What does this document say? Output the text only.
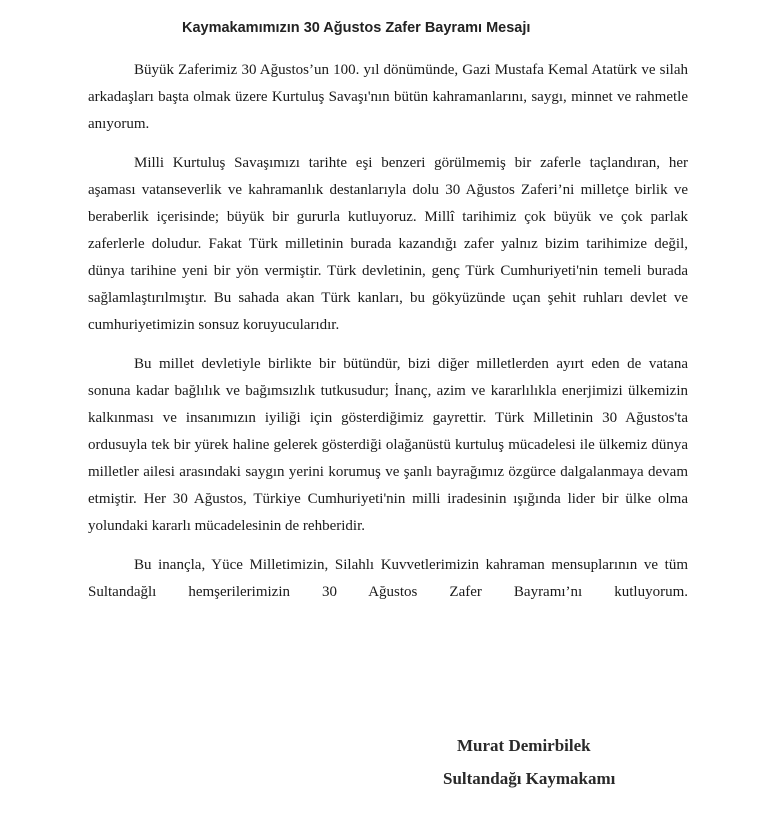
Kaymakamımızın 30 Ağustos Zafer Bayramı Mesajı

Büyük Zaferimiz 30 Ağustos’un 100. yıl dönümünde, Gazi Mustafa Kemal Atatürk ve silah arkadaşları başta olmak üzere Kurtuluş Savaşı'nın bütün kahramanlarını, saygı, minnet ve rahmetle anıyorum.

Milli Kurtuluş Savaşımızı tarihte eşi benzeri görülmemiş bir zaferle taçlandıran, her aşaması vatanseverlik ve kahramanlık destanlarıyla dolu 30 Ağustos Zaferi’ni milletçe birlik ve beraberlik içerisinde; büyük bir gururla kutluyoruz. Millî tarihimiz çok büyük ve çok parlak zaferlerle doludur. Fakat Türk milletinin burada kazandığı zafer yalnız bizim tarihimize değil, dünya tarihine yeni bir yön vermiştir. Türk devletinin, genç Türk Cumhuriyeti'nin temeli burada sağlamlaştırılmıştır. Bu sahada akan Türk kanları, bu gökyüzünde uçan şehit ruhları devlet ve cumhuriyetimizin sonsuz koruyucularıdır.

Bu millet devletiyle birlikte bir bütündür, bizi diğer milletlerden ayırt eden de vatana sonuna kadar bağlılık ve bağımsızlık tutkusudur; İnanç, azim ve kararlılıkla enerjimizi ülkemizin kalkınması ve insanımızın iyiliği için gösterdiğimiz gayrettir. Türk Milletinin 30 Ağustos'ta ordusuyla tek bir yürek haline gelerek gösterdiği olağanüstü kurtuluş mücadelesi ile ülkemiz dünya milletler ailesi arasındaki saygın yerini korumuş ve şanlı bayrağımız özgürce dalgalanmaya devam etmiştir. Her 30 Ağustos, Türkiye Cumhuriyeti'nin milli iradesinin ışığında lider bir ülke olma yolundaki kararlı mücadelesinin de rehberidir.

Bu inançla, Yüce Milletimizin, Silahlı Kuvvetlerimizin kahraman mensuplarının ve tüm Sultandağlı hemşerilerimizin 30 Ağustos Zafer Bayramı’nı kutluyorum.

Murat Demirbilek
Sultandağı Kaymakamı
